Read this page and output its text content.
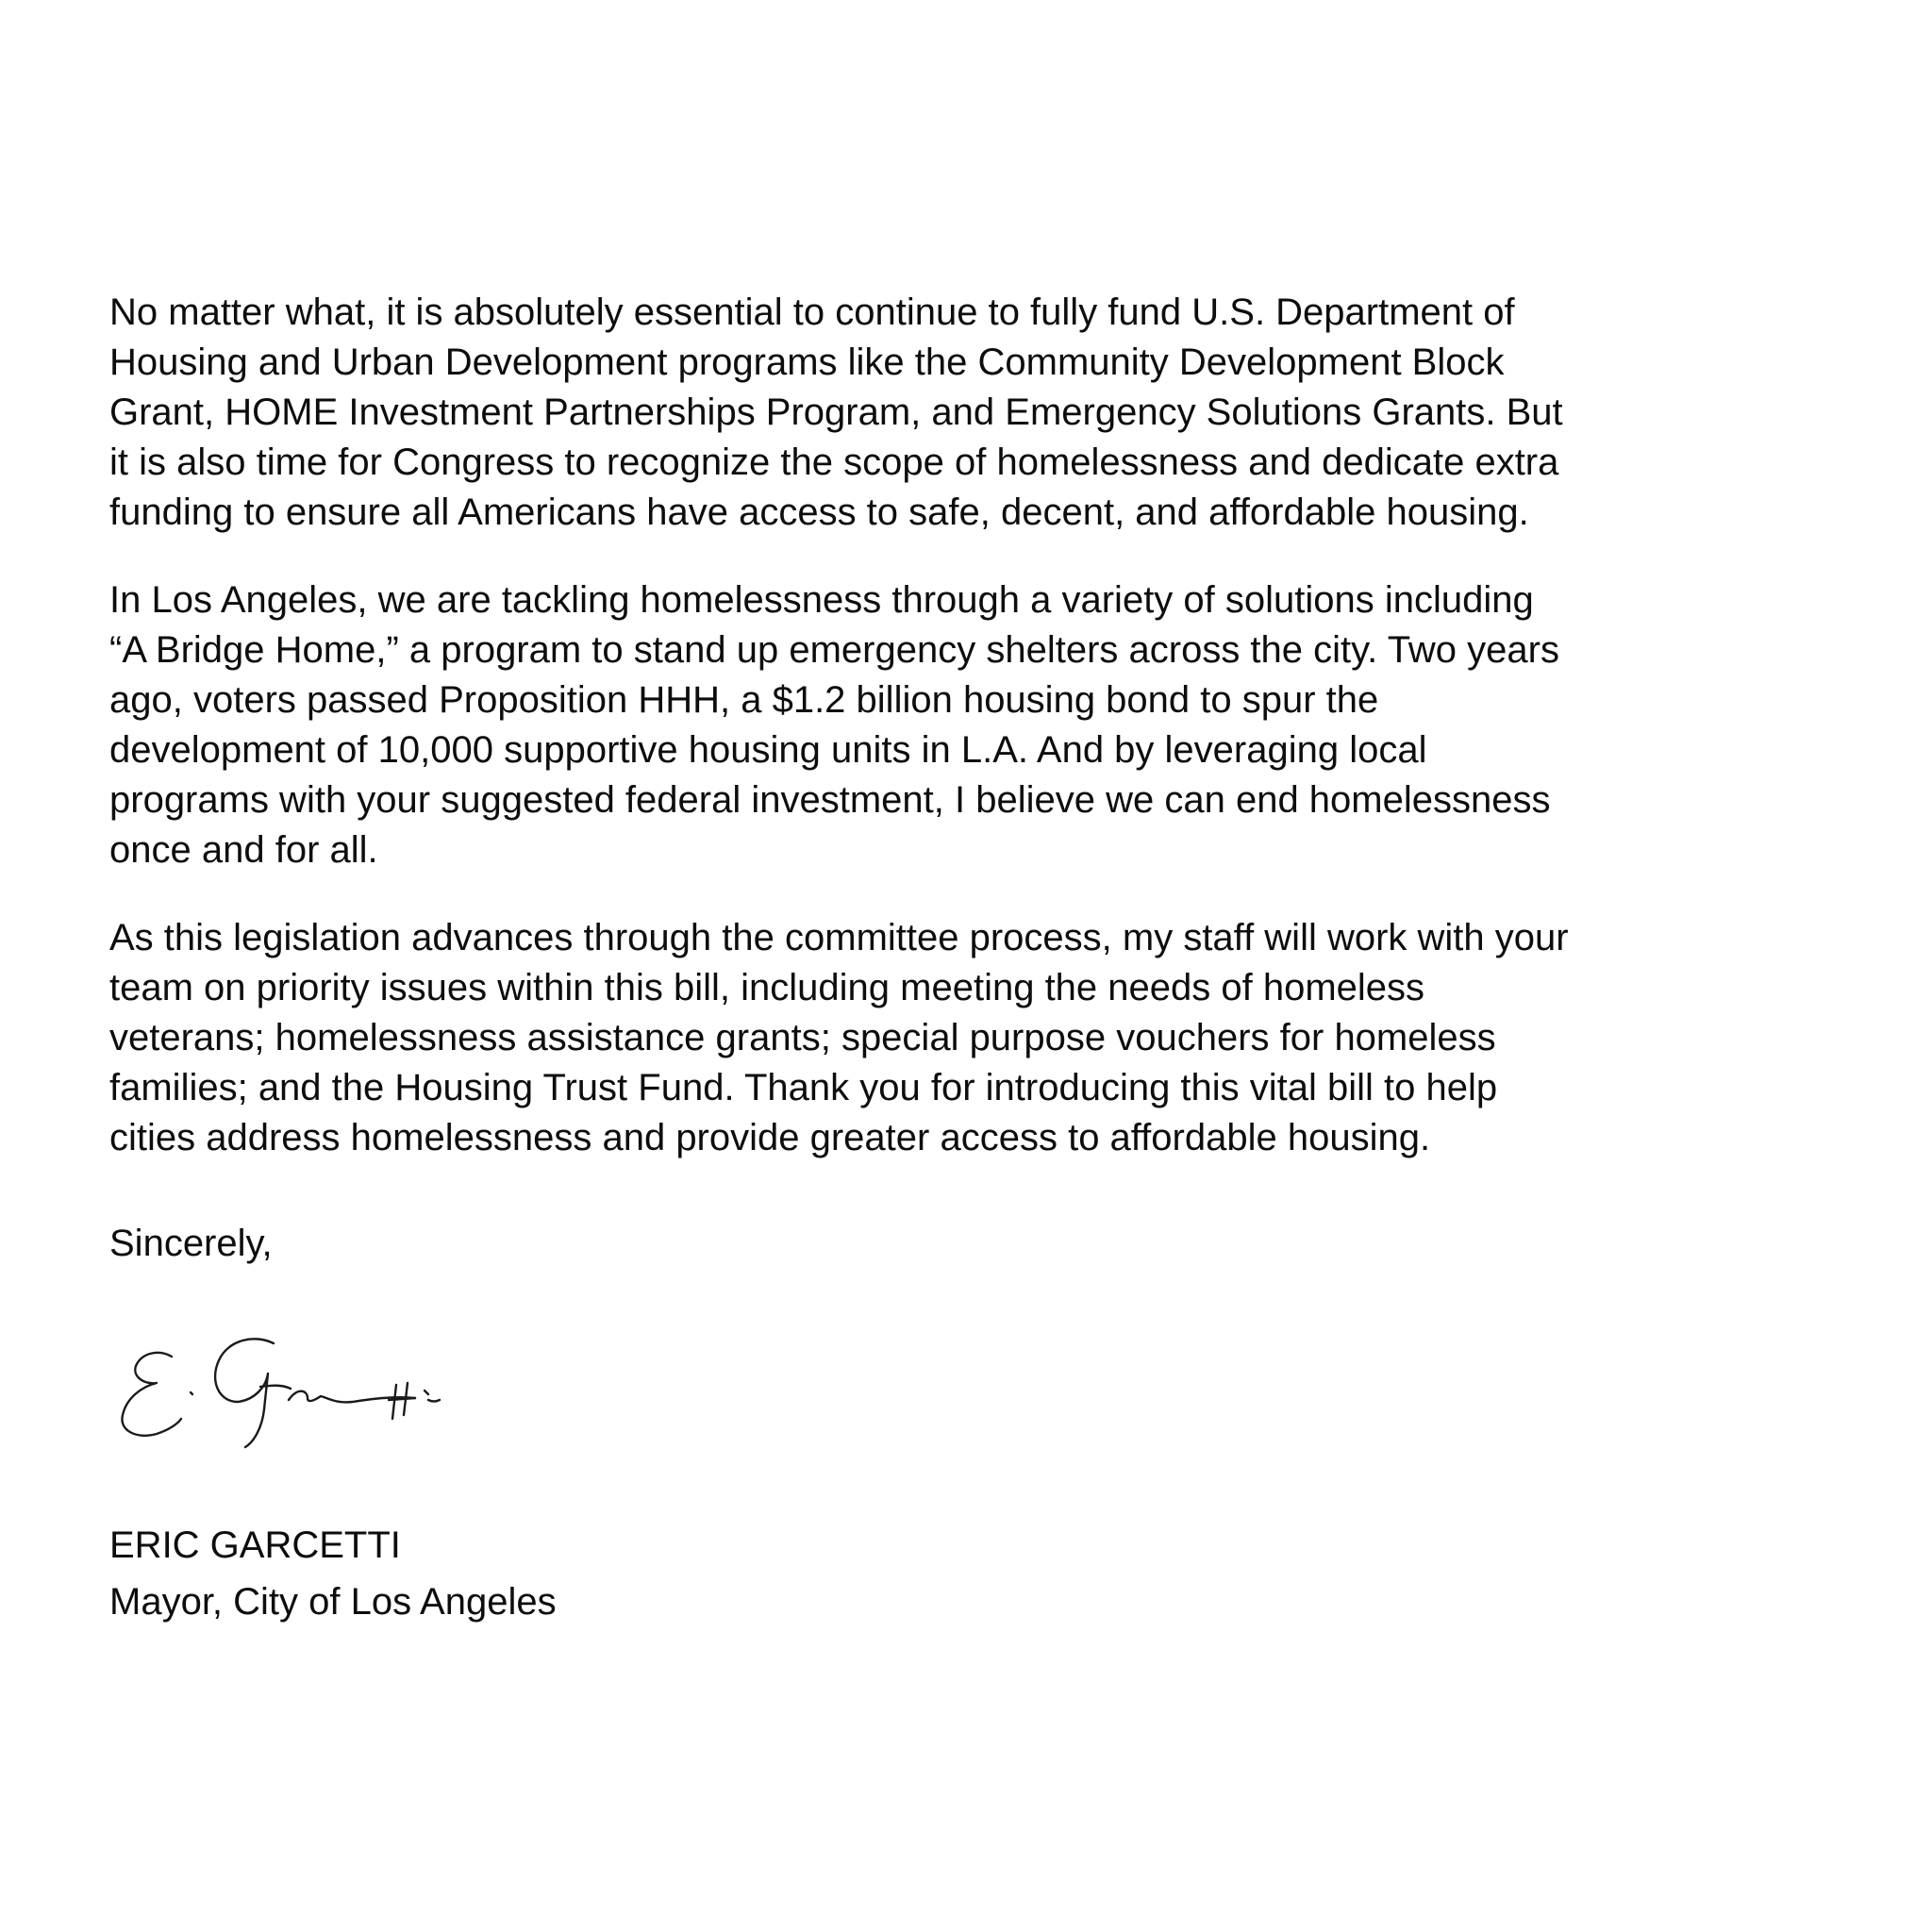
No matter what, it is absolutely essential to continue to fully fund U.S. Department of
Housing and Urban Development programs like the Community Development Block
Grant, HOME Investment Partnerships Program, and Emergency Solutions Grants. But
it is also time for Congress to recognize the scope of homelessness and dedicate extra
funding to ensure all Americans have access to safe, decent, and affordable housing.

In Los Angeles, we are tackling homelessness through a variety of solutions including
“A Bridge Home,” a program to stand up emergency shelters across the city. Two years
ago, voters passed Proposition HHH, a $1.2 billion housing bond to spur the
development of 10,000 supportive housing units in L.A. And by leveraging local
programs with your suggested federal investment, I believe we can end homelessness
once and for all.

As this legislation advances through the committee process, my staff will work with your
team on priority issues within this bill, including meeting the needs of homeless
veterans; homelessness assistance grants; special purpose vouchers for homeless
families; and the Housing Trust Fund. Thank you for introducing this vital bill to help
cities address homelessness and provide greater access to affordable housing.

Sincerely,

ERIC GARCETTI
Mayor, City of Los Angeles
